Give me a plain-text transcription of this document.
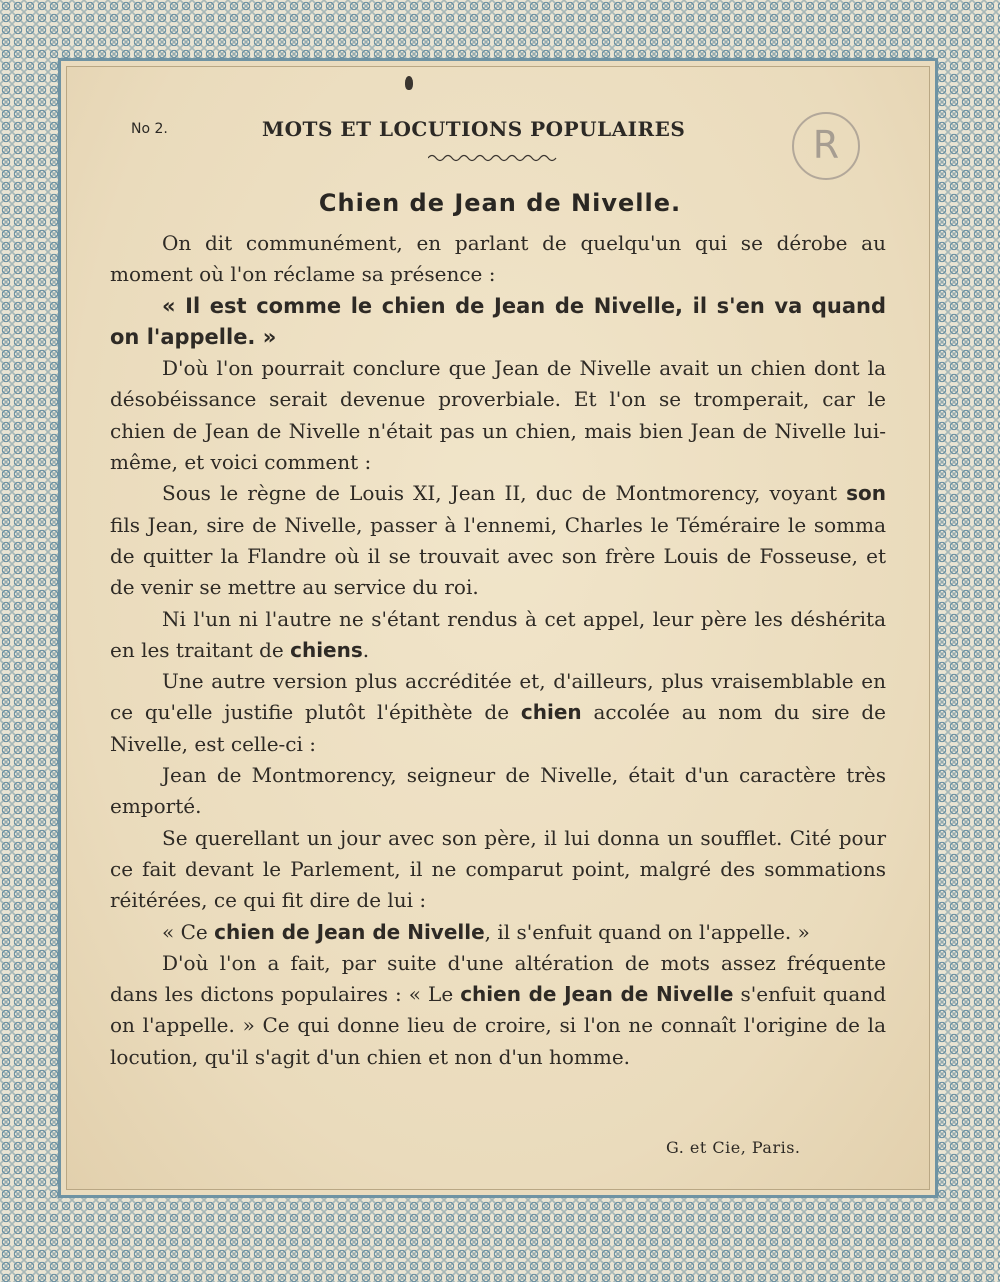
No 2.	MOTS ET LOCUTIONS POPULAIRES	R
Chien de Jean de Nivelle.

On dit communément, en parlant de quelqu'un qui se dérobe au moment où l'on réclame sa présence :

« Il est comme le chien de Jean de Nivelle, il s'en va quand on l'appelle. »

D'où l'on pourrait conclure que Jean de Nivelle avait un chien dont la désobéissance serait devenue proverbiale. Et l'on se tromperait, car le chien de Jean de Nivelle n'était pas un chien, mais bien Jean de Nivelle lui-même, et voici comment :

Sous le règne de Louis XI, Jean II, duc de Montmorency, voyant son fils Jean, sire de Nivelle, passer à l'ennemi, Charles le Téméraire le somma de quitter la Flandre où il se trouvait avec son frère Louis de Fosseuse, et de venir se mettre au service du roi.

Ni l'un ni l'autre ne s'étant rendus à cet appel, leur père les déshérita en les traitant de chiens.

Une autre version plus accréditée et, d'ailleurs, plus vraisemblable en ce qu'elle justifie plutôt l'épithète de chien accolée au nom du sire de Nivelle, est celle-ci :

Jean de Montmorency, seigneur de Nivelle, était d'un caractère très emporté.

Se querellant un jour avec son père, il lui donna un soufflet. Cité pour ce fait devant le Parlement, il ne comparut point, malgré des sommations réitérées, ce qui fit dire de lui :

« Ce chien de Jean de Nivelle, il s'enfuit quand on l'appelle. »

D'où l'on a fait, par suite d'une altération de mots assez fréquente dans les dictons populaires : « Le chien de Jean de Nivelle s'enfuit quand on l'appelle. » Ce qui donne lieu de croire, si l'on ne connaît l'origine de la locution, qu'il s'agit d'un chien et non d'un homme.

G. et Cie, Paris.
